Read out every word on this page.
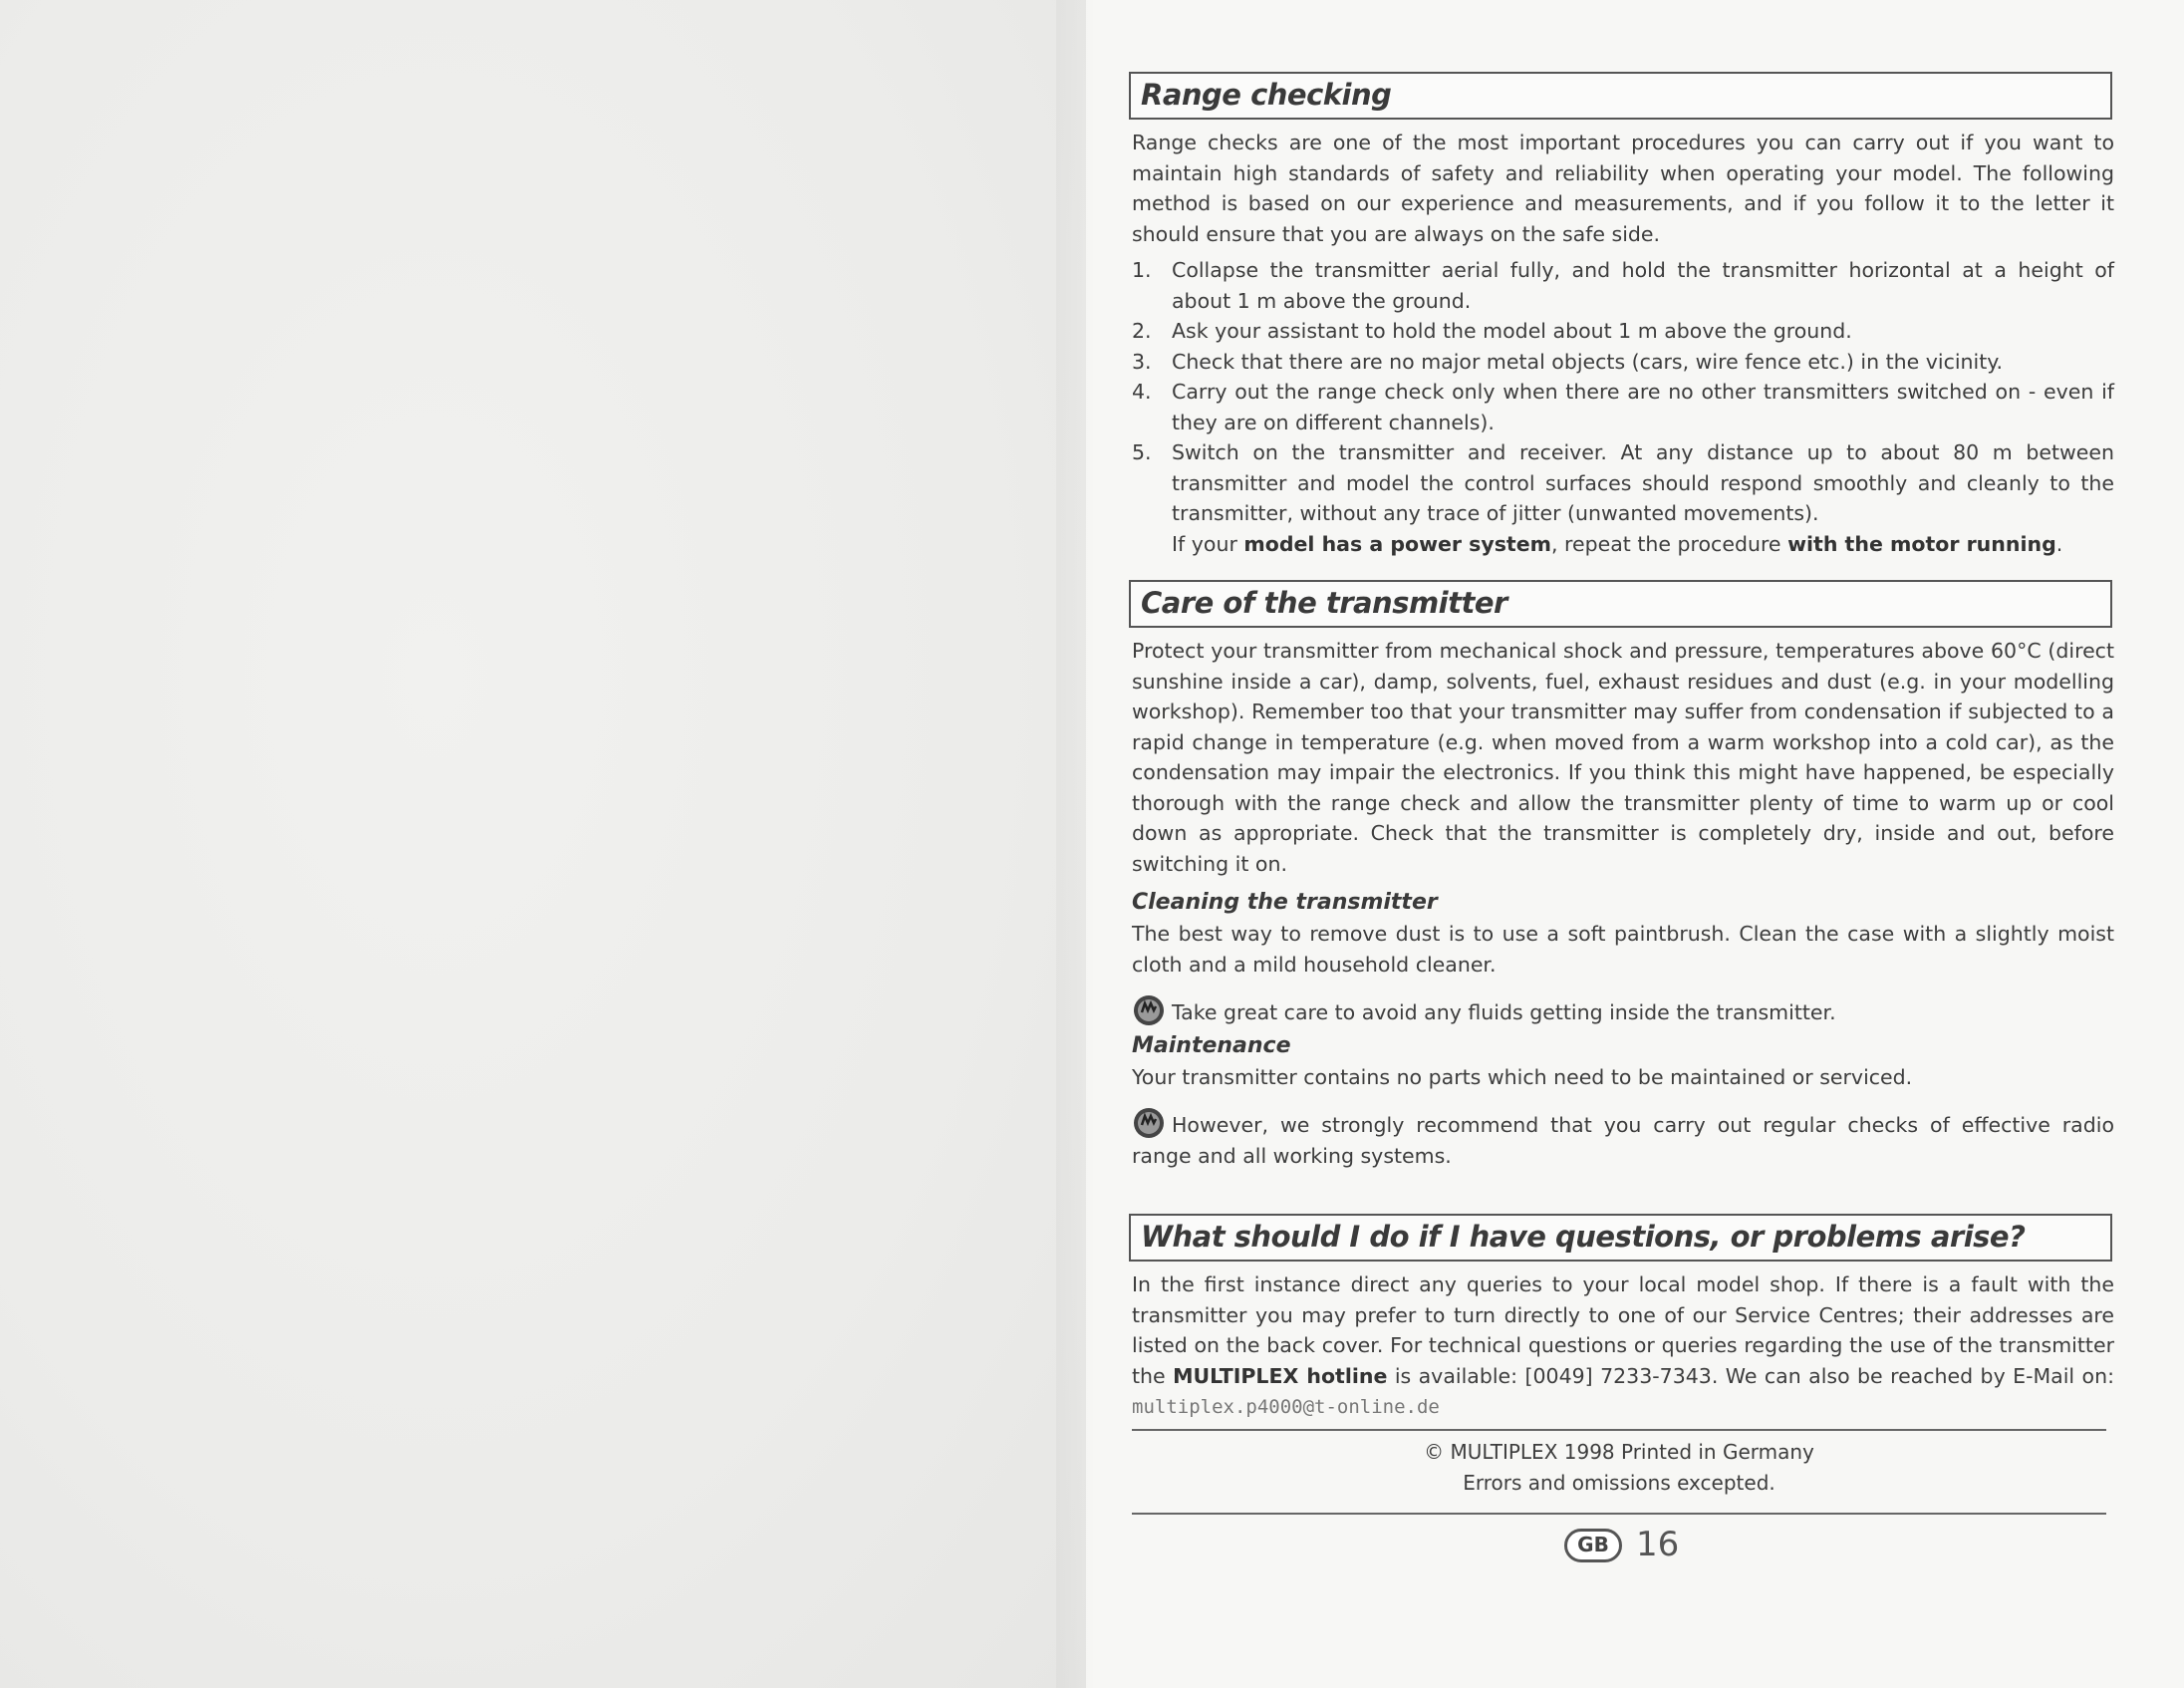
Range checking

Range checks are one of the most important procedures you can carry out if you want to maintain high standards of safety and reliability when operating your model. The following method is based on our experience and measurements, and if you follow it to the letter it should ensure that you are always on the safe side.

1. Collapse the transmitter aerial fully, and hold the transmitter horizontal at a height of about 1 m above the ground.
2. Ask your assistant to hold the model about 1 m above the ground.
3. Check that there are no major metal objects (cars, wire fence etc.) in the vicinity.
4. Carry out the range check only when there are no other transmitters switched on - even if they are on different channels).
5. Switch on the transmitter and receiver. At any distance up to about 80 m between transmitter and model the control surfaces should respond smoothly and cleanly to the transmitter, without any trace of jitter (unwanted movements).
If your model has a power system, repeat the procedure with the motor running.
Care of the transmitter

Protect your transmitter from mechanical shock and pressure, temperatures above 60°C (direct sunshine inside a car), damp, solvents, fuel, exhaust residues and dust (e.g. in your modelling workshop). Remember too that your transmitter may suffer from condensation if subjected to a rapid change in temperature (e.g. when moved from a warm workshop into a cold car), as the condensation may impair the electronics. If you think this might have happened, be especially thorough with the range check and allow the transmitter plenty of time to warm up or cool down as appropriate. Check that the transmitter is completely dry, inside and out, before switching it on.

Cleaning the transmitter

The best way to remove dust is to use a soft paintbrush. Clean the case with a slightly moist cloth and a mild household cleaner.

Take great care to avoid any fluids getting inside the transmitter.

Maintenance

Your transmitter contains no parts which need to be maintained or serviced.

However, we strongly recommend that you carry out regular checks of effective radio range and all working systems.

What should I do if I have questions, or problems arise?

In the first instance direct any queries to your local model shop. If there is a fault with the transmitter you may prefer to turn directly to one of our Service Centres; their addresses are listed on the back cover. For technical questions or queries regarding the use of the transmitter the MULTIPLEX hotline is available: [0049] 7233-7343. We can also be reached by E-Mail on: multiplex.p4000@t-online.de

© MULTIPLEX 1998 Printed in Germany
Errors and omissions excepted.
GB 16
